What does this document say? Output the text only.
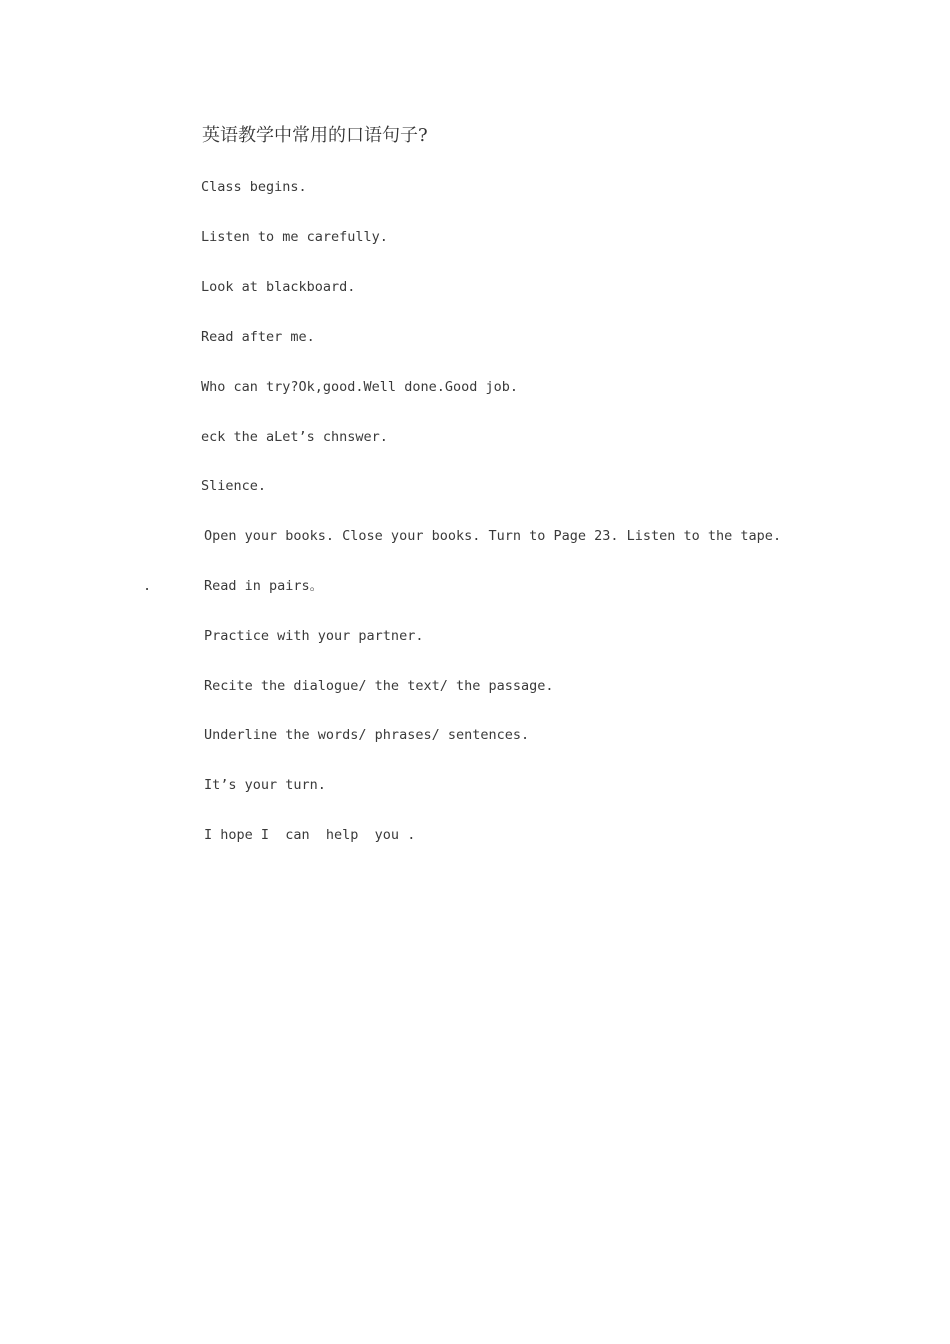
英语教学中常用的口语句子?
Class begins.
Listen to me carefully.
Look at blackboard.
Read after me.
Who can try?Ok,good.Well done.Good job.
eck the aLet’s chnswer.
Slience.
Open your books. Close your books. Turn to Page 23. Listen to the tape.
.	Read in pairs。
Practice with your partner.
Recite the dialogue/ the text/ the passage.
Underline the words/ phrases/ sentences.
It’s your turn.
I hope I  can  help  you .
